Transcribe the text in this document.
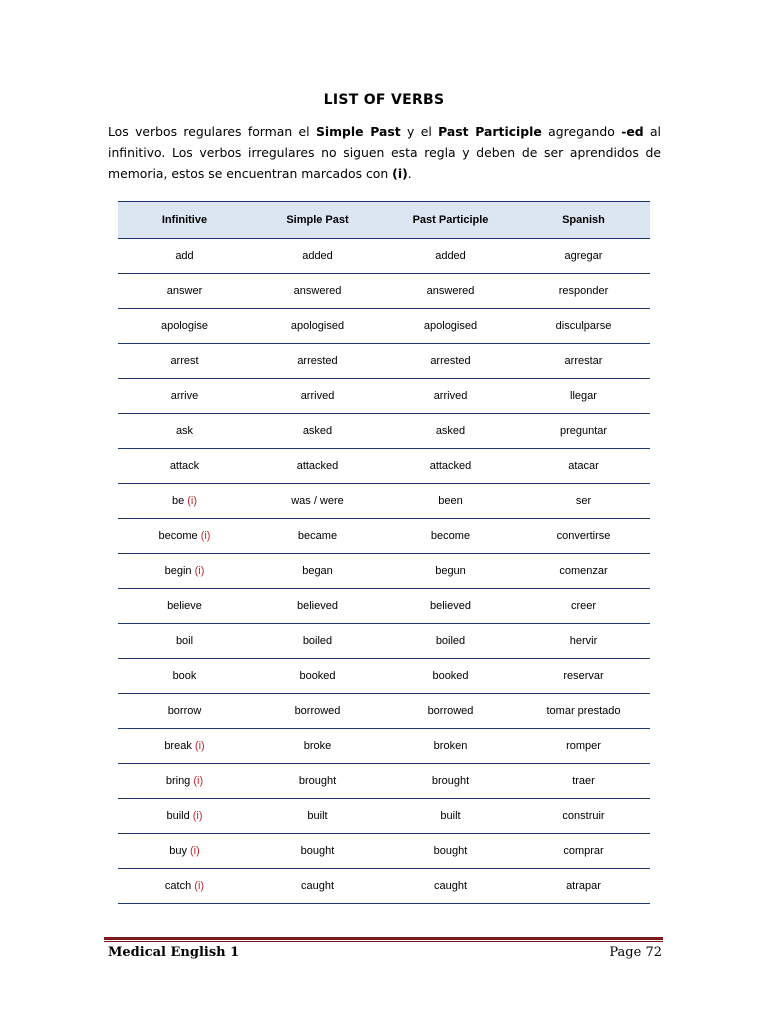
LIST OF VERBS
Los verbos regulares forman el Simple Past y el Past Participle agregando -ed al infinitivo. Los verbos irregulares no siguen esta regla y deben de ser aprendidos de memoria, estos se encuentran marcados con (i).
Infinitive	Simple Past	Past Participle	Spanish
add	added	added	agregar
answer	answered	answered	responder
apologise	apologised	apologised	disculparse
arrest	arrested	arrested	arrestar
arrive	arrived	arrived	llegar
ask	asked	asked	preguntar
attack	attacked	attacked	atacar
be (i)	was / were	been	ser
become (i)	became	become	convertirse
begin (i)	began	begun	comenzar
believe	believed	believed	creer
boil	boiled	boiled	hervir
book	booked	booked	reservar
borrow	borrowed	borrowed	tomar prestado
break (i)	broke	broken	romper
bring (i)	brought	brought	traer
build (i)	built	built	construir
buy (i)	bought	bought	comprar
catch (i)	caught	caught	atrapar
Medical English 1	Page 72
